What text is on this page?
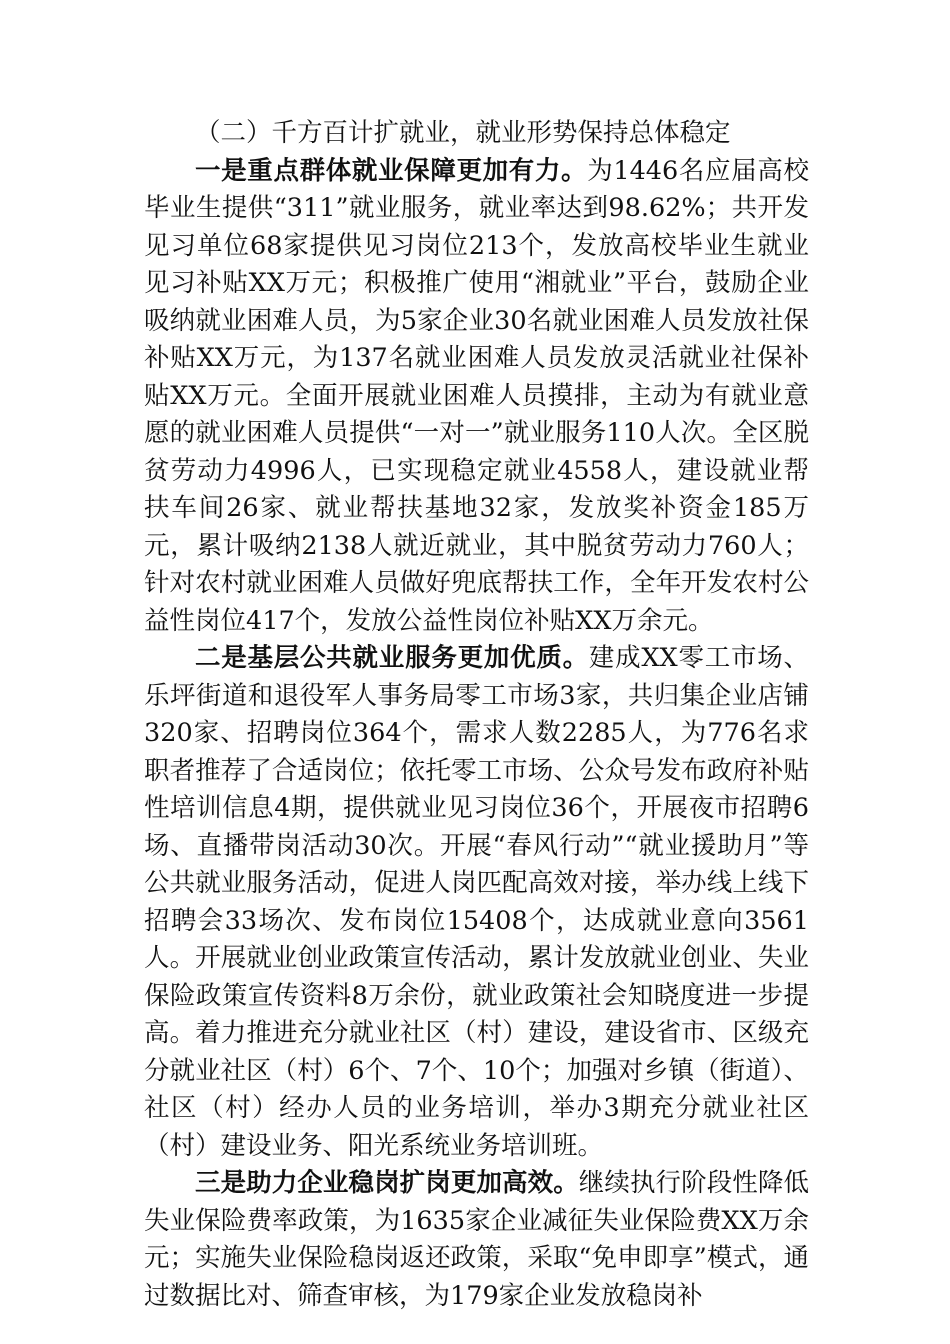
（二）千方百计扩就业，就业形势保持总体稳定

一是重点群体就业保障更加有力。为1446名应届高校毕业生提供“311”就业服务，就业率达到98.62%；共开发见习单位68家提供见习岗位213个，发放高校毕业生就业见习补贴XX万元；积极推广使用“湘就业”平台，鼓励企业吸纳就业困难人员，为5家企业30名就业困难人员发放社保补贴XX万元，为137名就业困难人员发放灵活就业社保补贴XX万元。全面开展就业困难人员摸排，主动为有就业意愿的就业困难人员提供“一对一”就业服务110人次。全区脱贫劳动力4996人，已实现稳定就业4558人，建设就业帮扶车间26家、就业帮扶基地32家，发放奖补资金185万元，累计吸纳2138人就近就业，其中脱贫劳动力760人；针对农村就业困难人员做好兜底帮扶工作，全年开发农村公益性岗位417个，发放公益性岗位补贴XX万余元。

二是基层公共就业服务更加优质。建成XX零工市场、乐坪街道和退役军人事务局零工市场3家，共归集企业店铺320家、招聘岗位364个，需求人数2285人，为776名求职者推荐了合适岗位；依托零工市场、公众号发布政府补贴性培训信息4期，提供就业见习岗位36个，开展夜市招聘6场、直播带岗活动30次。开展“春风行动”“就业援助月”等公共就业服务活动，促进人岗匹配高效对接，举办线上线下招聘会33场次、发布岗位15408个，达成就业意向3561人。开展就业创业政策宣传活动，累计发放就业创业、失业保险政策宣传资料8万余份，就业政策社会知晓度进一步提高。着力推进充分就业社区（村）建设，建设省市、区级充分就业社区（村）6个、7个、10个；加强对乡镇（街道）、社区（村）经办人员的业务培训，举办3期充分就业社区（村）建设业务、阳光系统业务培训班。

三是助力企业稳岗扩岗更加高效。继续执行阶段性降低失业保险费率政策，为1635家企业减征失业保险费XX万余元；实施失业保险稳岗返还政策，采取“免申即享”模式，通过数据比对、筛查审核，为179家企业发放稳岗补
